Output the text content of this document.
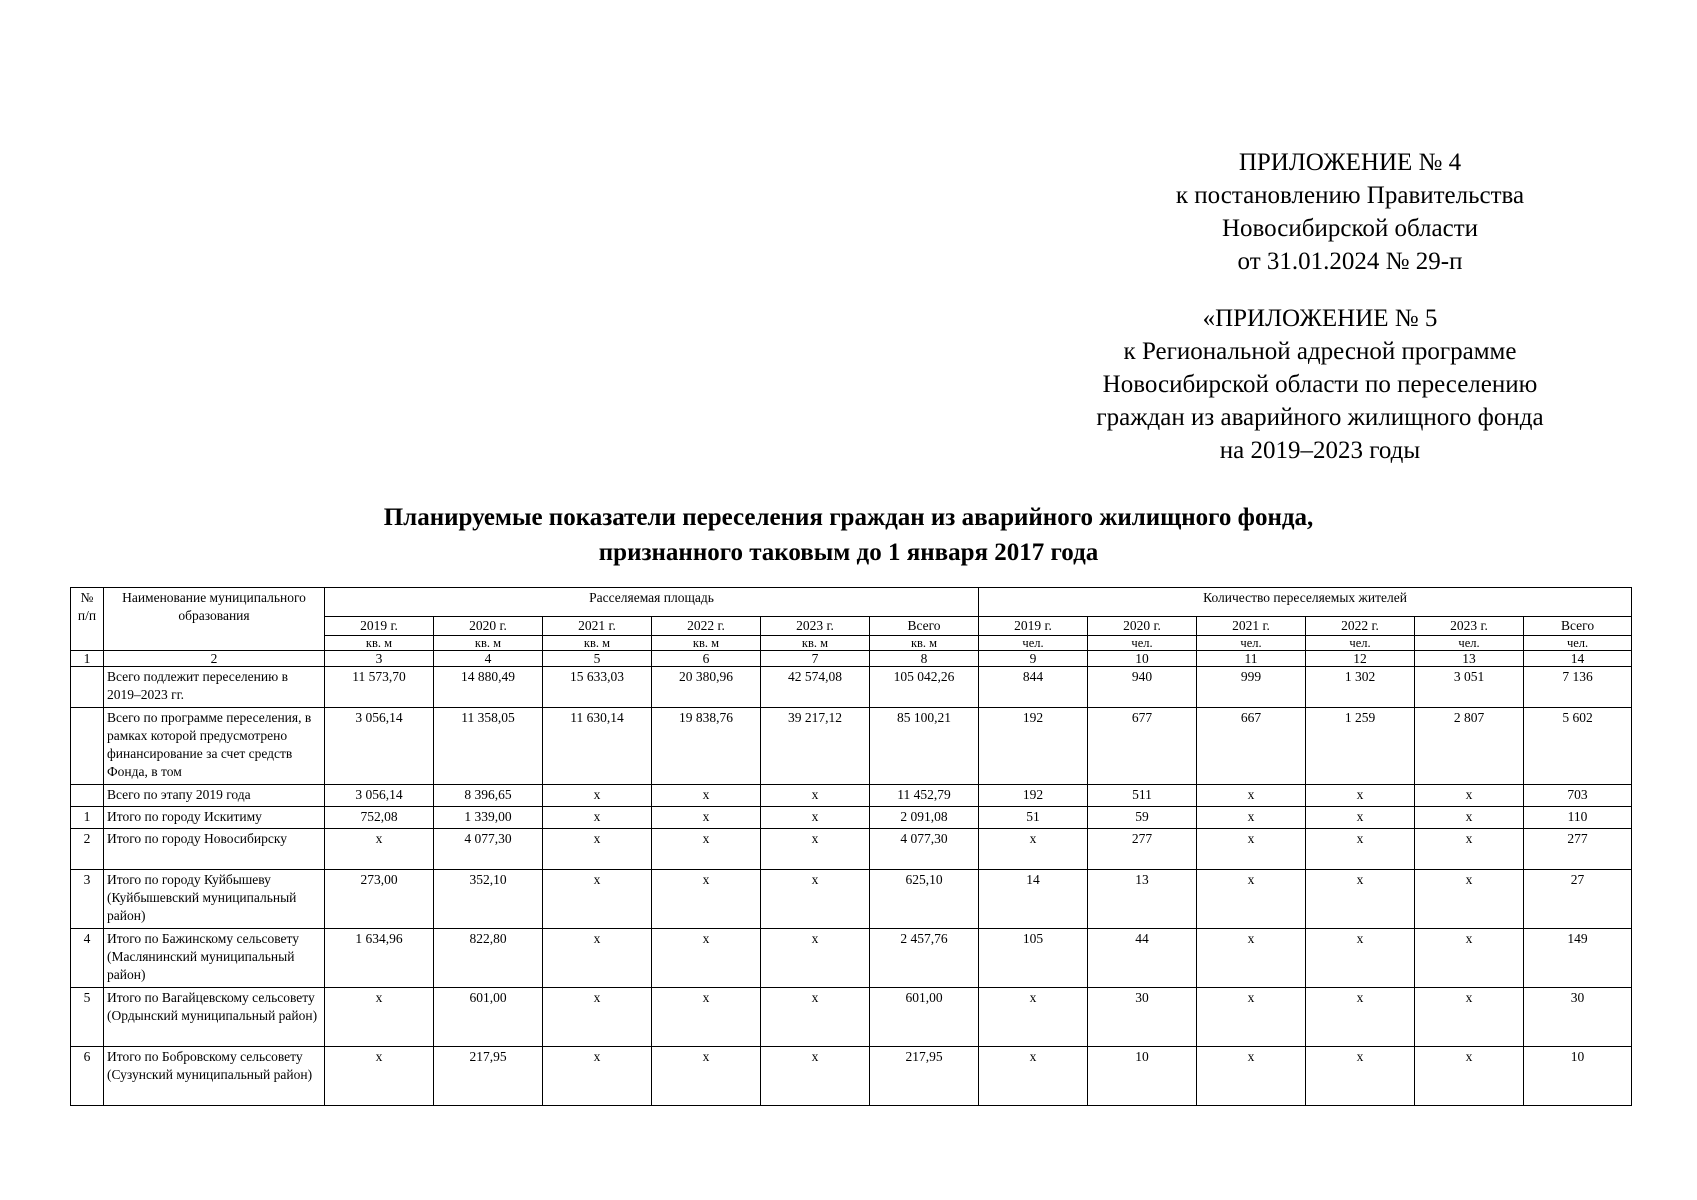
ПРИЛОЖЕНИЕ № 4
к постановлению Правительства
Новосибирской области
от 31.01.2024 № 29-п
«ПРИЛОЖЕНИЕ № 5
к Региональной адресной программе
Новосибирской области по переселению
граждан из аварийного жилищного фонда
на 2019–2023 годы
Планируемые показатели переселения граждан из аварийного жилищного фонда,
признанного таковым до 1 января 2017 года
№ п/п	Наименование муниципального образования	Расселяемая площадь						Количество переселяемых жителей					
		2019 г.	2020 г.	2021 г.	2022 г.	2023 г.	Всего	2019 г.	2020 г.	2021 г.	2022 г.	2023 г.	Всего
		кв. м	кв. м	кв. м	кв. м	кв. м	кв. м	чел.	чел.	чел.	чел.	чел.	чел.
1	2	3	4	5	6	7	8	9	10	11	12	13	14
	Всего подлежит переселению в 2019–2023 гг.	11 573,70	14 880,49	15 633,03	20 380,96	42 574,08	105 042,26	844	940	999	1 302	3 051	7 136
	Всего по программе переселения, в рамках которой предусмотрено финансирование за счет средств Фонда, в том	3 056,14	11 358,05	11 630,14	19 838,76	39 217,12	85 100,21	192	677	667	1 259	2 807	5 602
	Всего по этапу 2019 года	3 056,14	8 396,65	x	x	x	11 452,79	192	511	x	x	x	703
1	Итого по городу Искитиму	752,08	1 339,00	x	x	x	2 091,08	51	59	x	x	x	110
2	Итого по городу Новосибирску	x	4 077,30	x	x	x	4 077,30	x	277	x	x	x	277
3	Итого по городу Куйбышеву (Куйбышевский муниципальный район)	273,00	352,10	x	x	x	625,10	14	13	x	x	x	27
4	Итого по Бажинскому сельсовету (Маслянинский муниципальный район)	1 634,96	822,80	x	x	x	2 457,76	105	44	x	x	x	149
5	Итого по Вагайцевскому сельсовету (Ордынский муниципальный район)	x	601,00	x	x	x	601,00	x	30	x	x	x	30
6	Итого по Бобровскому сельсовету (Сузунский муниципальный район)	x	217,95	x	x	x	217,95	x	10	x	x	x	10
